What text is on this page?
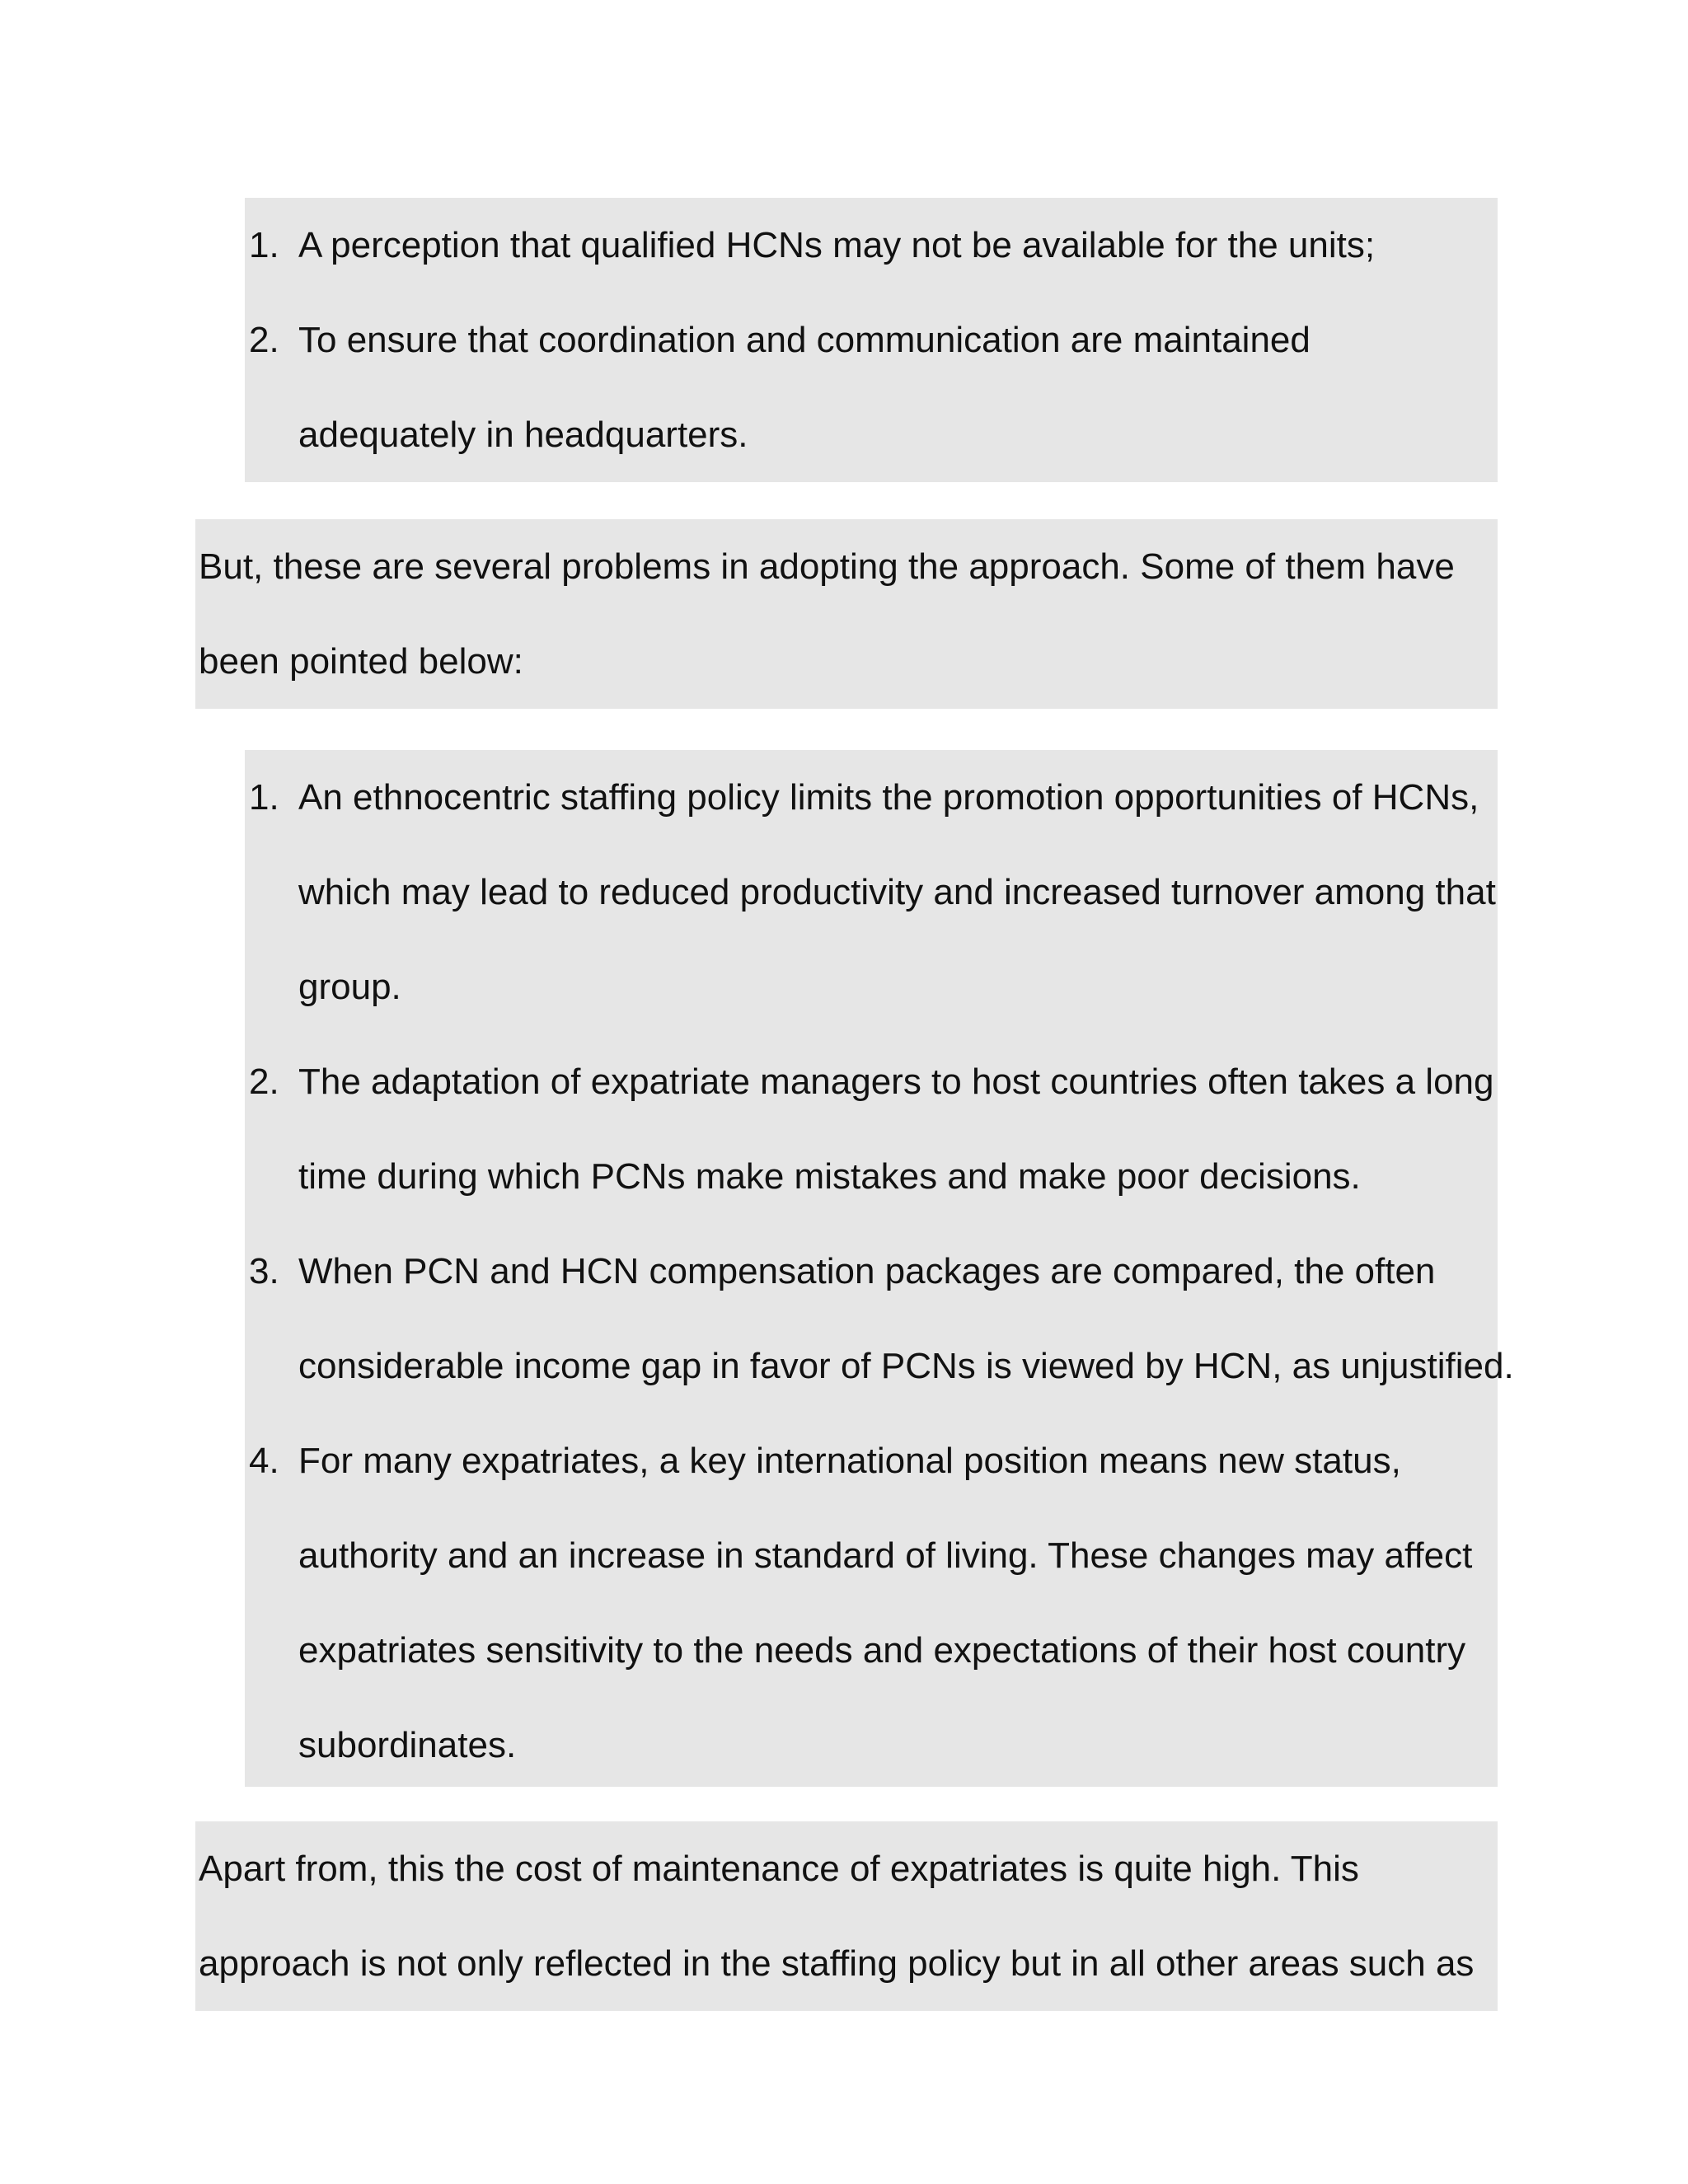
1. A perception that qualified HCNs may not be available for the units;
2. To ensure that coordination and communication are maintained
adequately in headquarters.
But, these are several problems in adopting the approach. Some of them have
been pointed below:
1. An ethnocentric staffing policy limits the promotion opportunities of HCNs,
which may lead to reduced productivity and increased turnover among that
group.
2. The adaptation of expatriate managers to host countries often takes a long
time during which PCNs make mistakes and make poor decisions.
3. When PCN and HCN compensation packages are compared, the often
considerable income gap in favor of PCNs is viewed by HCN, as unjustified.
4. For many expatriates, a key international position means new status,
authority and an increase in standard of living. These changes may affect
expatriates sensitivity to the needs and expectations of their host country
subordinates.
Apart from, this the cost of maintenance of expatriates is quite high. This
approach is not only reflected in the staffing policy but in all other areas such as
